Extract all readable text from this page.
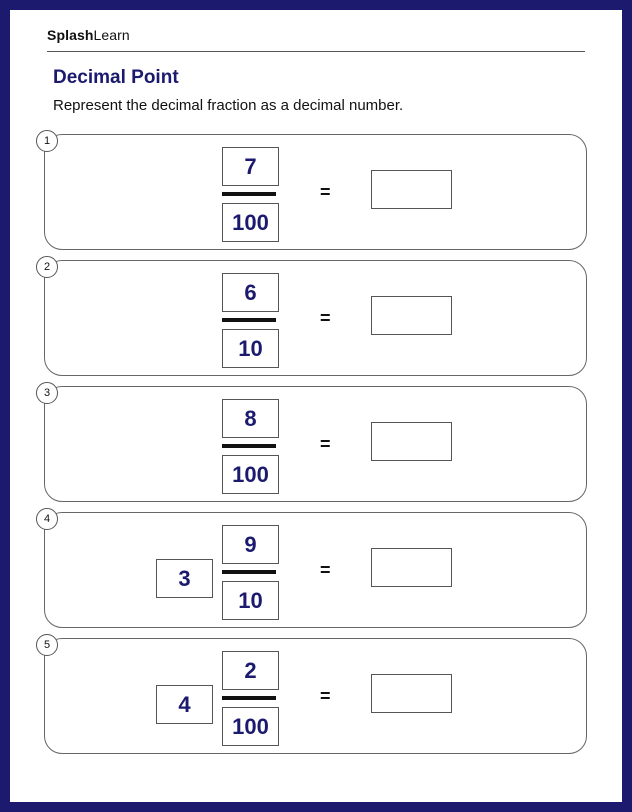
SplashLearn
Decimal Point
Represent the decimal fraction as a decimal number.
1
7
100
=
2
6
10
=
3
8
100
=
4
3
9
10
=
5
4
2
100
=
